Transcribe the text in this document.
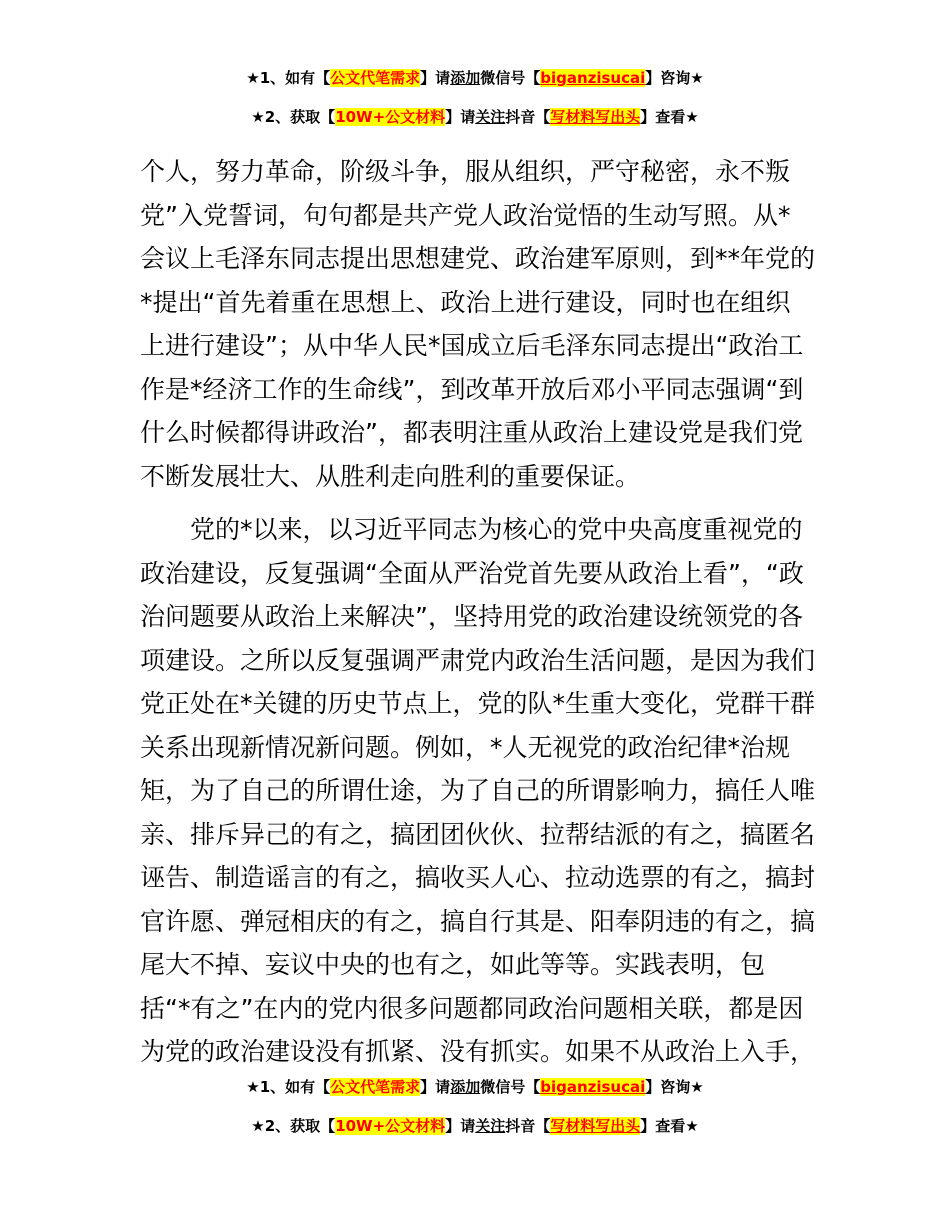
★1、如有【公文代笔需求】请添加微信号【biganzisucai】咨询★
★2、获取【10W+公文材料】请关注抖音【写材料写出头】查看★
个人，努力革命，阶级斗争，服从组织，严守秘密，永不叛
党”入党誓词，句句都是共产党人政治觉悟的生动写照。从*
会议上毛泽东同志提出思想建党、政治建军原则，到**年党的
*提出“首先着重在思想上、政治上进行建设，同时也在组织
上进行建设”；从中华人民*国成立后毛泽东同志提出“政治工
作是*经济工作的生命线”，到改革开放后邓小平同志强调“到
什么时候都得讲政治”，都表明注重从政治上建设党是我们党
不断发展壮大、从胜利走向胜利的重要保证。
党的*以来，以习近平同志为核心的党中央高度重视党的
政治建设，反复强调“全面从严治党首先要从政治上看”，“政
治问题要从政治上来解决”，坚持用党的政治建设统领党的各
项建设。之所以反复强调严肃党内政治生活问题，是因为我们
党正处在*关键的历史节点上，党的队*生重大变化，党群干群
关系出现新情况新问题。例如，*人无视党的政治纪律*治规
矩，为了自己的所谓仕途，为了自己的所谓影响力，搞任人唯
亲、排斥异己的有之，搞团团伙伙、拉帮结派的有之，搞匿名
诬告、制造谣言的有之，搞收买人心、拉动选票的有之，搞封
官许愿、弹冠相庆的有之，搞自行其是、阳奉阴违的有之，搞
尾大不掉、妄议中央的也有之，如此等等。实践表明，包
括“*有之”在内的党内很多问题都同政治问题相关联，都是因
为党的政治建设没有抓紧、没有抓实。如果不从政治上入手，
★1、如有【公文代笔需求】请添加微信号【biganzisucai】咨询★
★2、获取【10W+公文材料】请关注抖音【写材料写出头】查看★
